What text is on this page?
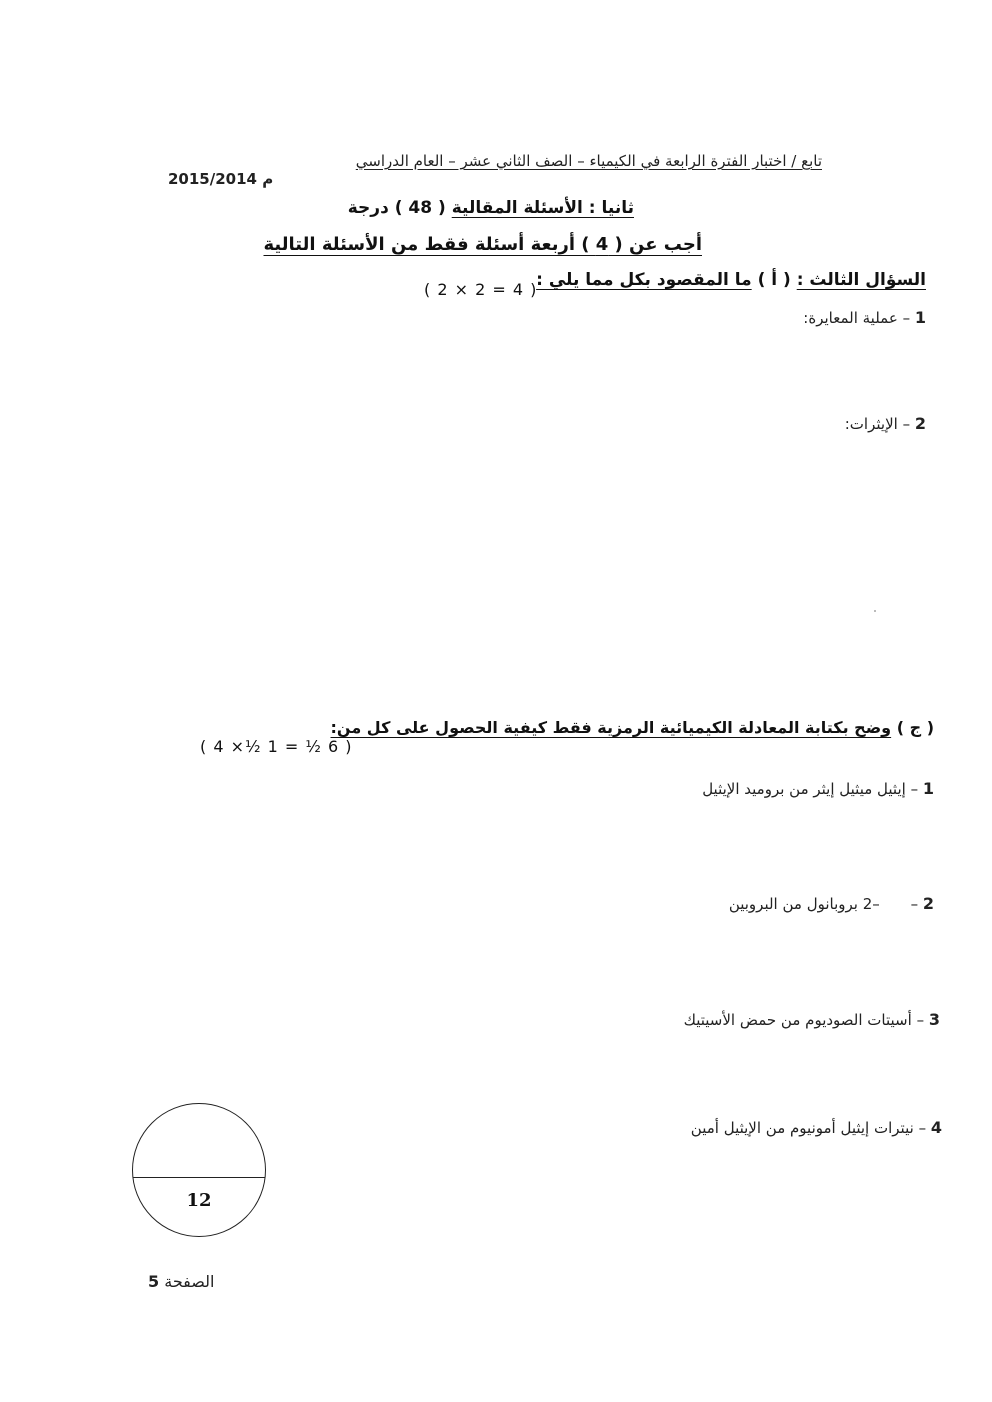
تابع / اختبار الفترة الرابعة في الكيمياء – الصف الثاني عشر – العام الدراسي
2015/2014 م
ثانيا : الأسئلة المقالية ( 48 ) درجة
أجب عن ( 4 ) أربعة أسئلة فقط من الأسئلة التالية
السؤال الثالث : ( أ ) ما المقصود بكل مما يلي :
( 2 × 2 = 4 )
1 – عملية المعايرة:
2 – الإيثرات:
( ج ) وضح بكتابة المعادلة الكيميائية الرمزية فقط كيفية الحصول على كل من:
( 4 ×½ 1 = ½ 6 )
1 – إيثيل ميثيل إيثر من بروميد الإيثيل
2 – –2 بروبانول من البروبين
3 – أسيتات الصوديوم من حمض الأسيتيك
4 – نيترات إيثيل أمونيوم من الإيثيل أمين
12
الصفحة 5
